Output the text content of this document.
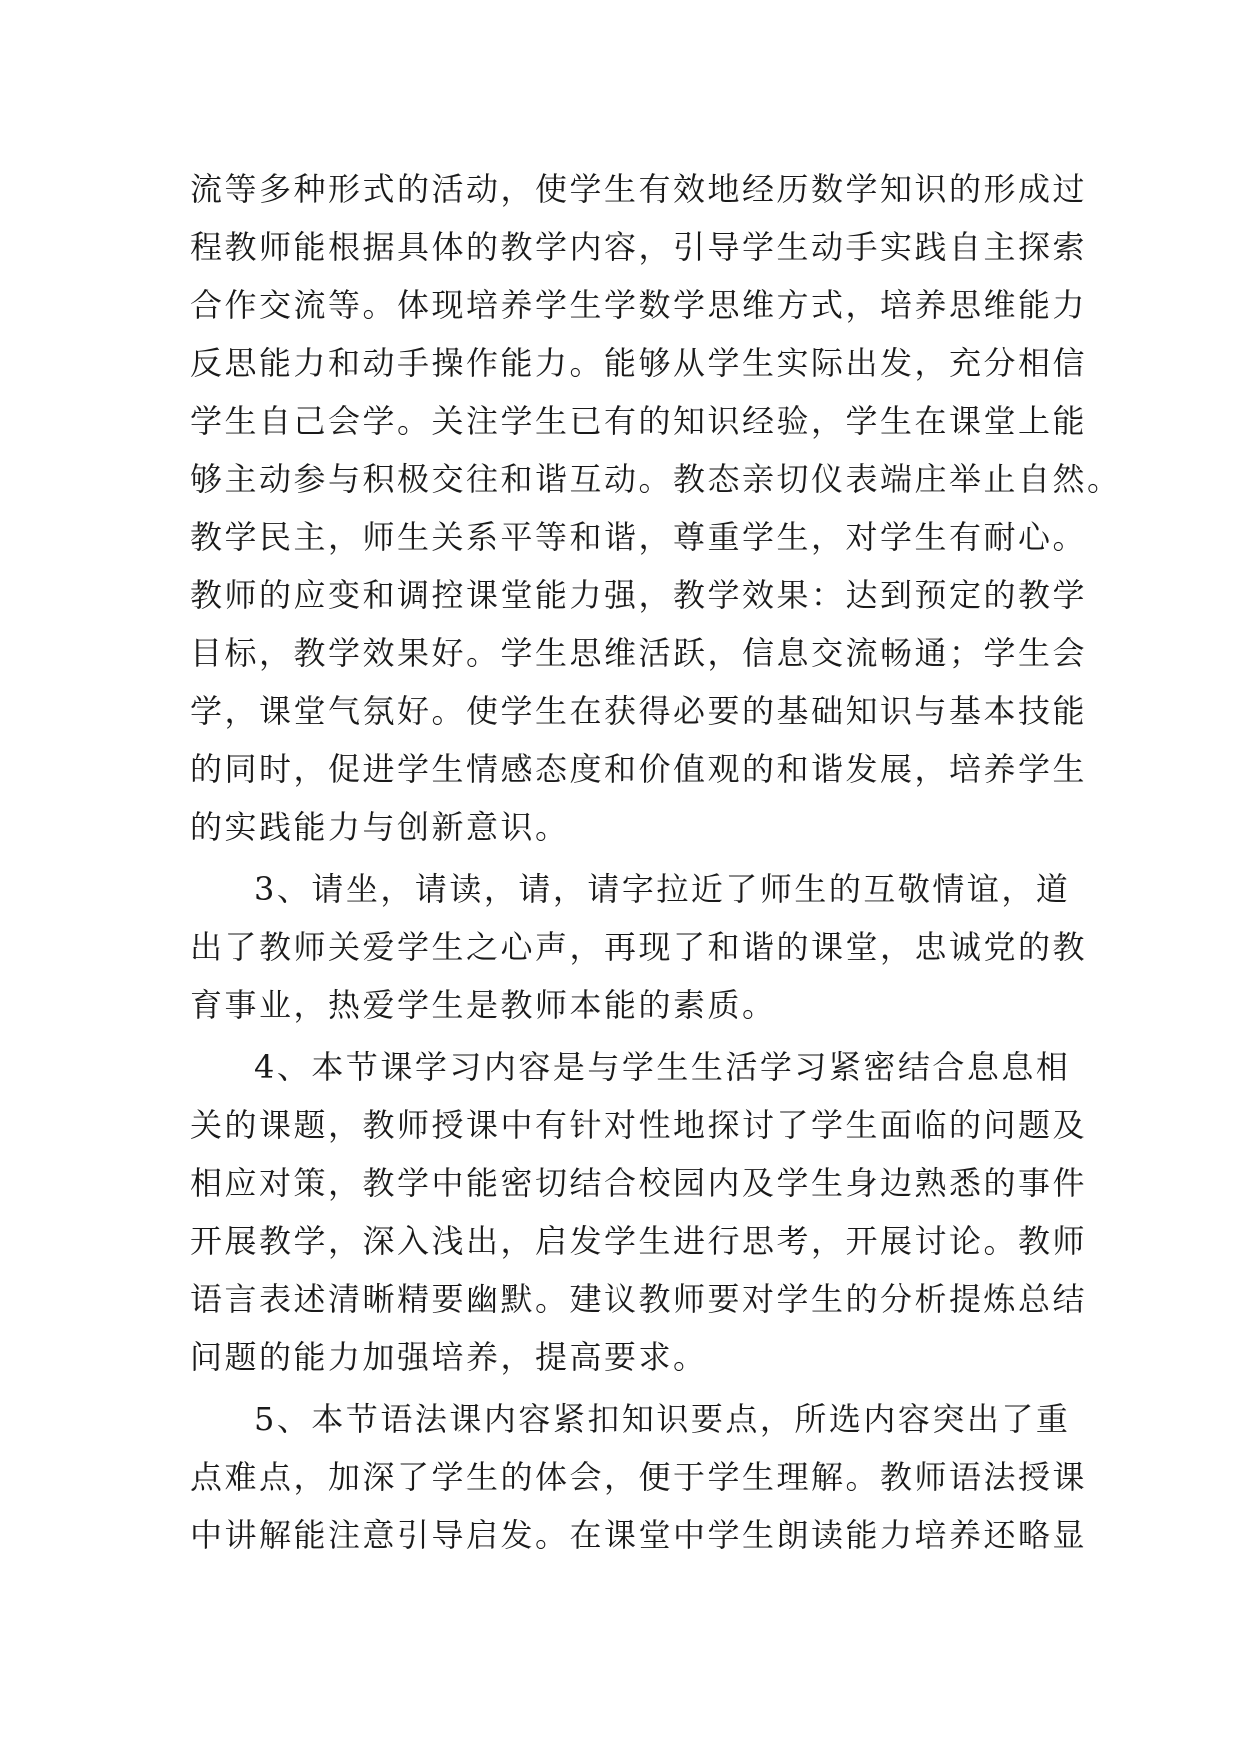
流等多种形式的活动，使学生有效地经历数学知识的形成过
程教师能根据具体的教学内容，引导学生动手实践自主探索
合作交流等。体现培养学生学数学思维方式，培养思维能力
反思能力和动手操作能力。能够从学生实际出发，充分相信
学生自己会学。关注学生已有的知识经验，学生在课堂上能
够主动参与积极交往和谐互动。教态亲切仪表端庄举止自然。
教学民主，师生关系平等和谐，尊重学生，对学生有耐心。
教师的应变和调控课堂能力强，教学效果：达到预定的教学
目标，教学效果好。学生思维活跃，信息交流畅通；学生会
学，课堂气氛好。使学生在获得必要的基础知识与基本技能
的同时，促进学生情感态度和价值观的和谐发展，培养学生
的实践能力与创新意识。
3、请坐，请读，请，请字拉近了师生的互敬情谊，道
出了教师关爱学生之心声，再现了和谐的课堂，忠诚党的教
育事业，热爱学生是教师本能的素质。
4、本节课学习内容是与学生生活学习紧密结合息息相
关的课题，教师授课中有针对性地探讨了学生面临的问题及
相应对策，教学中能密切结合校园内及学生身边熟悉的事件
开展教学，深入浅出，启发学生进行思考，开展讨论。教师
语言表述清晰精要幽默。建议教师要对学生的分析提炼总结
问题的能力加强培养，提高要求。
5、本节语法课内容紧扣知识要点，所选内容突出了重
点难点，加深了学生的体会，便于学生理解。教师语法授课
中讲解能注意引导启发。在课堂中学生朗读能力培养还略显
